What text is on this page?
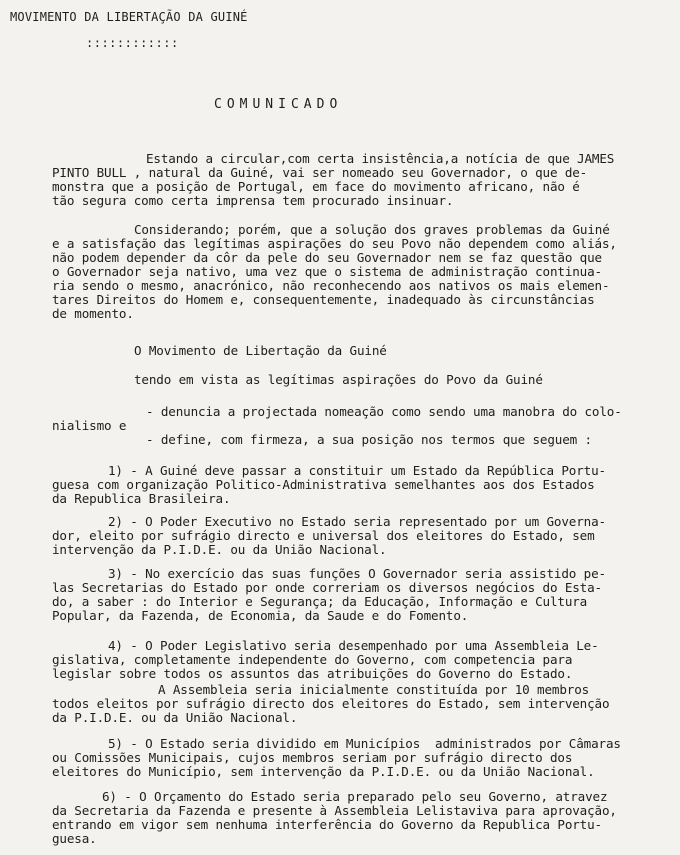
MOVIMENTO DA LIBERTAÇÃO DA GUINÉ
::::::::::::
COMUNICADO
Estando a circular,com certa insistência,a notícia de que JAMES
PINTO BULL , natural da Guiné, vai ser nomeado seu Governador, o que de-
monstra que a posição de Portugal, em face do movimento africano, não é
tão segura como certa imprensa tem procurado insinuar.
Considerando; porém, que a solução dos graves problemas da Guiné
e a satisfação das legítimas aspirações do seu Povo não dependem como aliás,
não podem depender da côr da pele do seu Governador nem se faz questão que
o Governador seja nativo, uma vez que o sistema de administração continua-
ria sendo o mesmo, anacrónico, não reconhecendo aos nativos os mais elemen-
tares Direitos do Homem e, consequentemente, inadequado às circunstâncias
de momento.
O Movimento de Libertação da Guiné
tendo em vista as legítimas aspirações do Povo da Guiné
- denuncia a projectada nomeação como sendo uma manobra do colo-
nialismo e
- define, com firmeza, a sua posição nos termos que seguem :
1) - A Guiné deve passar a constituir um Estado da República Portu-
guesa com organização Politico-Administrativa semelhantes aos dos Estados
da Republica Brasileira.
2) - O Poder Executivo no Estado seria representado por um Governa-
dor, eleito por sufrágio directo e universal dos eleitores do Estado, sem
intervenção da P.I.D.E. ou da União Nacional.
3) - No exercício das suas funções O Governador seria assistido pe-
las Secretarias do Estado por onde correriam os diversos negócios do Esta-
do, a saber : do Interior e Segurança; da Educação, Informação e Cultura
Popular, da Fazenda, de Economia, da Saude e do Fomento.
4) - O Poder Legislativo seria desempenhado por uma Assembleia Le-
gislativa, completamente independente do Governo, com competencia para
legislar sobre todos os assuntos das atribuições do Governo do Estado.
A Assembleia seria inicialmente constituída por 10 membros
todos eleitos por sufrágio directo dos eleitores do Estado, sem intervenção
da P.I.D.E. ou da União Nacional.
5) - O Estado seria dividido em Municípios  administrados por Câmaras
ou Comissões Municipais, cujos membros seriam por sufrágio directo dos
eleitores do Município, sem intervenção da P.I.D.E. ou da União Nacional.
6) - O Orçamento do Estado seria preparado pelo seu Governo, atravez
da Secretaria da Fazenda e presente à Assembleia Lelistaviva para aprovação,
entrando em vigor sem nenhuma interferência do Governo da Republica Portu-
guesa.
